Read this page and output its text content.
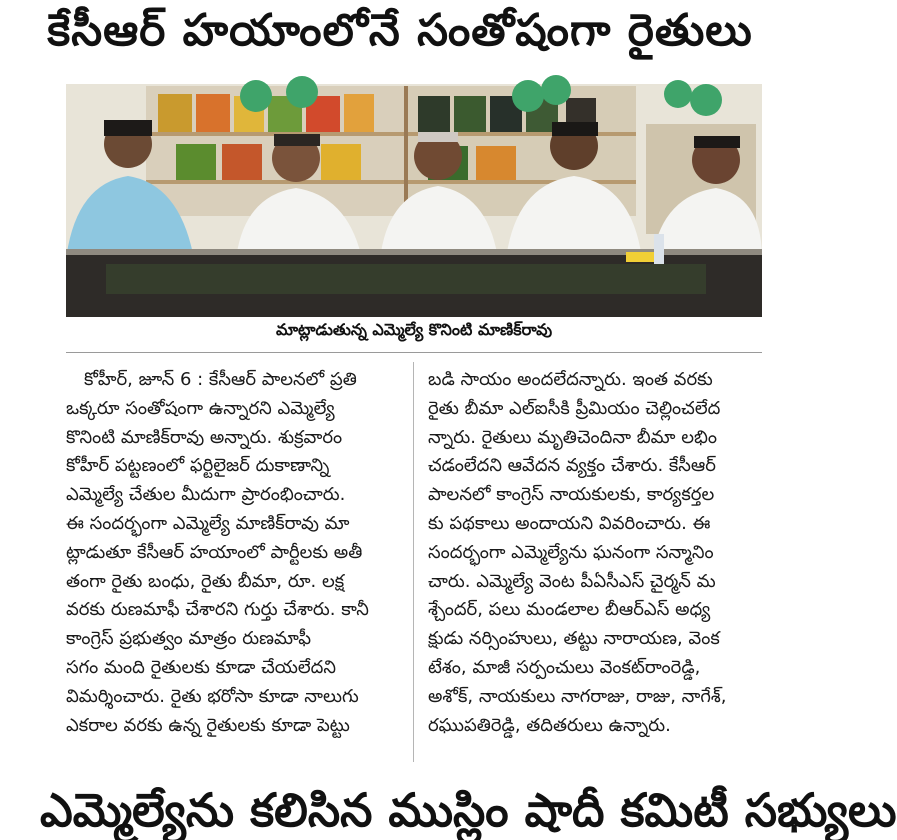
కేసీఆర్ హయాంలోనే సంతోషంగా రైతులు
మాట్లాడుతున్న ఎమ్మెల్యే కొనింటి మాణిక్‌రావు
కోహీర్, జూన్ 6 : కేసీఆర్ పాలనలో ప్రతి
ఒక్కరూ సంతోషంగా ఉన్నారని ఎమ్మెల్యే
కొనింటి మాణిక్‌రావు అన్నారు. శుక్రవారం
కోహీర్ పట్టణంలో ఫర్టిలైజర్ దుకాణాన్ని
ఎమ్మెల్యే చేతుల మీదుగా ప్రారంభించారు.
ఈ సందర్భంగా ఎమ్మెల్యే మాణిక్‌రావు మా
ట్లాడుతూ కేసీఆర్ హయాంలో పార్టీలకు అతీ
తంగా రైతు బంధు, రైతు బీమా, రూ. లక్ష
వరకు రుణమాఫీ చేశారని గుర్తు చేశారు. కానీ
కాంగ్రెస్ ప్రభుత్వం మాత్రం రుణమాఫీ
సగం మంది రైతులకు కూడా చేయలేదని
విమర్శించారు. రైతు భరోసా కూడా నాలుగు
ఎకరాల వరకు ఉన్న రైతులకు కూడా పెట్టు
బడి సాయం అందలేదన్నారు. ఇంత వరకు
రైతు బీమా ఎల్ఐసీకి ప్రీమియం చెల్లించలేద
న్నారు. రైతులు మృతిచెందినా బీమా లభిం
చడంలేదని ఆవేదన వ్యక్తం చేశారు. కేసీఆర్
పాలనలో కాంగ్రెస్ నాయకులకు, కార్యకర్తల
కు పథకాలు అందాయని వివరించారు. ఈ
సందర్భంగా ఎమ్మెల్యేను ఘనంగా సన్మానిం
చారు. ఎమ్మెల్యే వెంట పీఏసీఎస్ చైర్మన్ మ
శ్చేందర్, పలు మండలాల బీఆర్ఎస్ అధ్య
క్షుడు నర్సింహులు, తట్టు నారాయణ, వెంక
టేశం, మాజీ సర్పంచులు వెంకట్‌రాంరెడ్డి,
అశోక్, నాయకులు నాగరాజు, రాజు, నాగేశ్,
రఘుపతిరెడ్డి, తదితరులు ఉన్నారు.
ఎమ్మెల్యేను కలిసిన ముస్లిం షాదీ కమిటీ సభ్యులు
